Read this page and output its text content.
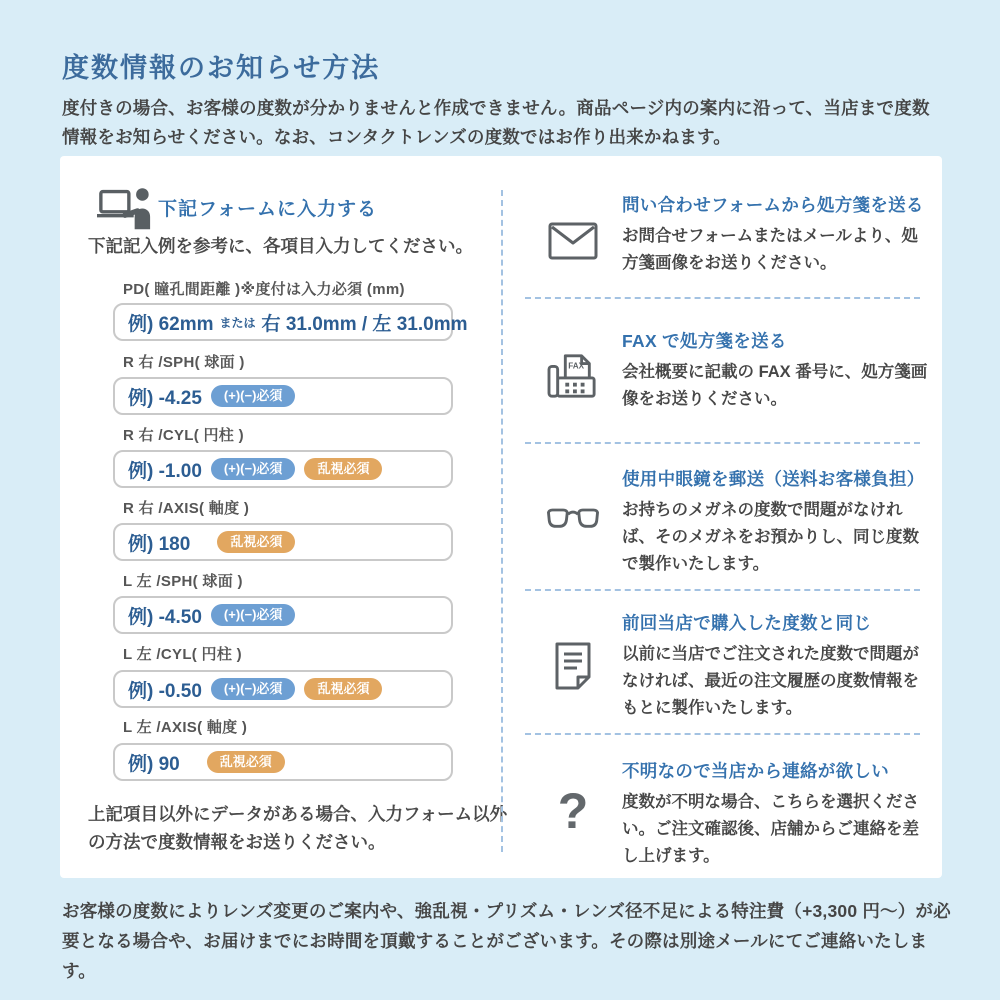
度数情報のお知らせ方法
度付きの場合、お客様の度数が分かりませんと作成できません。商品ページ内の案内に沿って、当店まで度数情報をお知らせください。なお、コンタクトレンズの度数ではお作り出来かねます。
下記フォームに入力する
下記記入例を参考に、各項目入力してください。
PD( 瞳孔間距離 )※度付は入力必須 (mm)
例) 62mm または 右 31.0mm / 左 31.0mm
R 右 /SPH( 球面 )
例) -4.25	(+)(−)必須
R 右 /CYL( 円柱 )
例) -1.00	(+)(−)必須	乱視必須
R 右 /AXIS( 軸度 )
例) 180	乱視必須
L 左 /SPH( 球面 )
例) -4.50	(+)(−)必須
L 左 /CYL( 円柱 )
例) -0.50	(+)(−)必須	乱視必須
L 左 /AXIS( 軸度 )
例) 90	乱視必須
上記項目以外にデータがある場合、入力フォーム以外の方法で度数情報をお送りください。
問い合わせフォームから処方箋を送る
お問合せフォームまたはメールより、処方箋画像をお送りください。
FAX
FAX で処方箋を送る
会社概要に記載の FAX 番号に、処方箋画像をお送りください。
使用中眼鏡を郵送（送料お客様負担）
お持ちのメガネの度数で問題がなければ、そのメガネをお預かりし、同じ度数で製作いたします。
前回当店で購入した度数と同じ
以前に当店でご注文された度数で問題がなければ、最近の注文履歴の度数情報をもとに製作いたします。
?
不明なので当店から連絡が欲しい
度数が不明な場合、こちらを選択ください。ご注文確認後、店舗からご連絡を差し上げます。
お客様の度数によりレンズ変更のご案内や、強乱視・プリズム・レンズ径不足による特注費（+3,300 円〜）が必要となる場合や、お届けまでにお時間を頂戴することがございます。その際は別途メールにてご連絡いたします。
